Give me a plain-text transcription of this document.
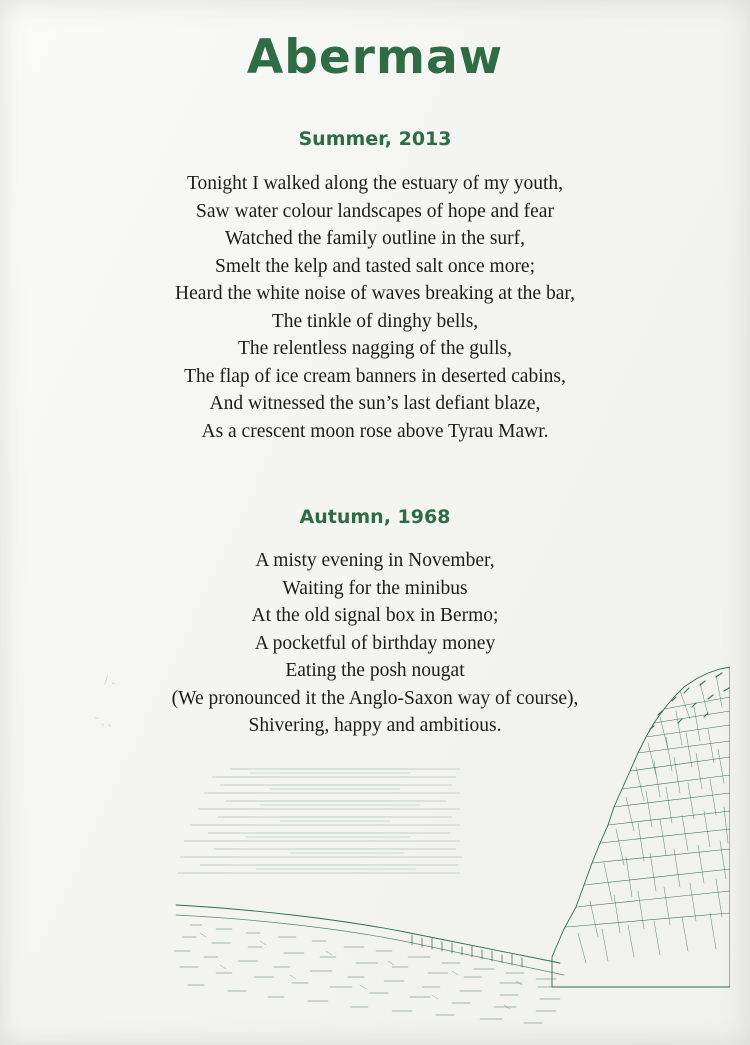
Abermaw
Summer, 2013
Tonight I walked along the estuary of my youth,
Saw water colour landscapes of hope and fear
Watched the family outline in the surf,
Smelt the kelp and tasted salt once more;
Heard the white noise of waves breaking at the bar,
The tinkle of dinghy bells,
The relentless nagging of the gulls,
The flap of ice cream banners in deserted cabins,
And witnessed the sun’s last defiant blaze,
As a crescent moon rose above Tyrau Mawr.
Autumn, 1968
A misty evening in November,
Waiting for the minibus
At the old signal box in Bermo;
A pocketful of birthday money
Eating the posh nougat
(We pronounced it the Anglo-Saxon way of course),
Shivering, happy and ambitious.
∕ ˎ
ᵕ ˎ ˎ
